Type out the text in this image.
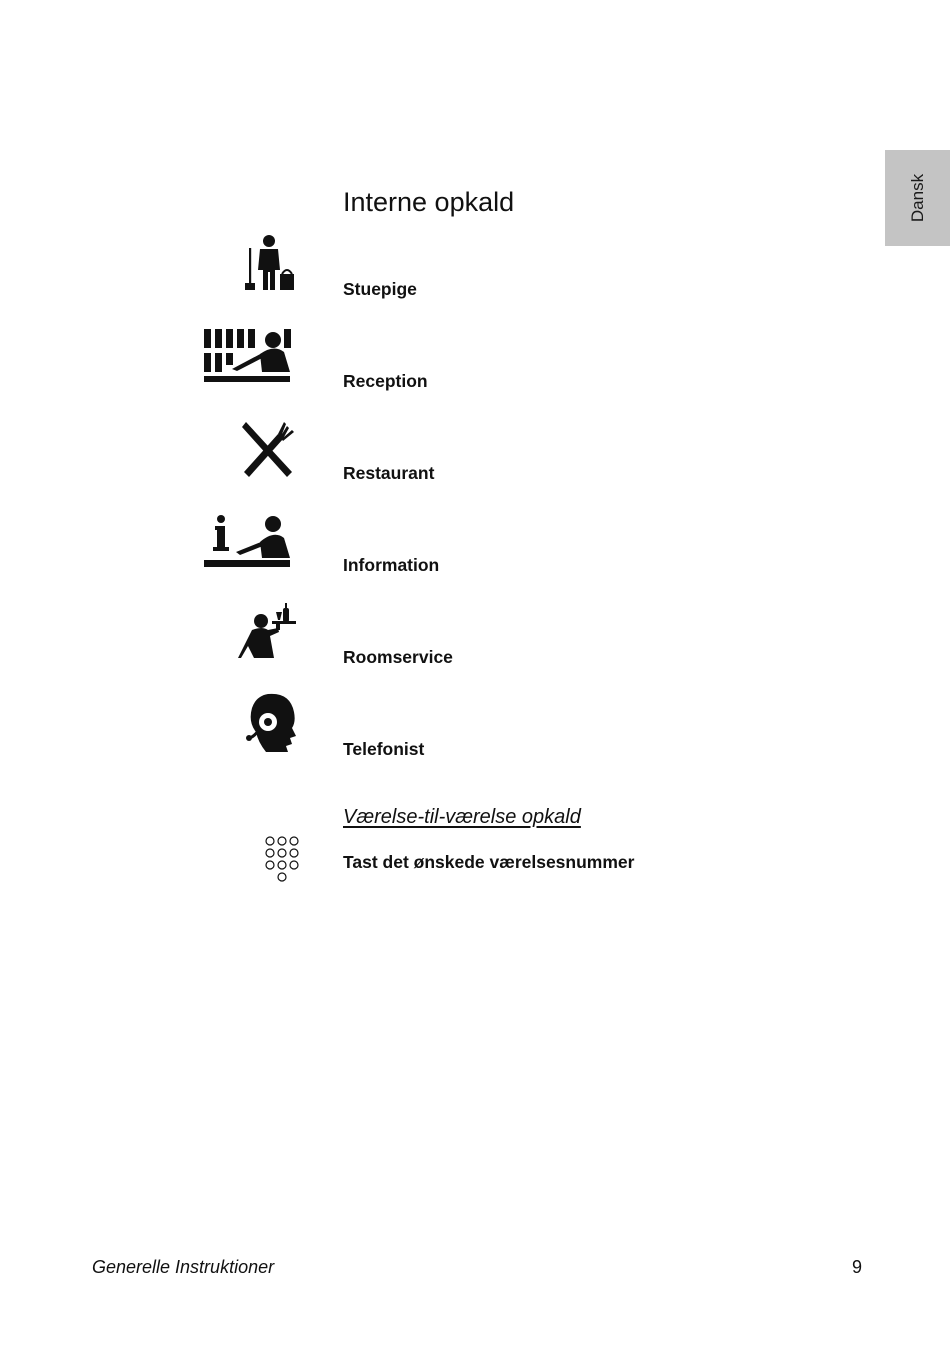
Dansk
Interne opkald
Stuepige
Reception
Restaurant
Information
Roomservice
Telefonist
Værelse-til-værelse opkald
Tast det ønskede værelsesnummer
Generelle Instruktioner	9
